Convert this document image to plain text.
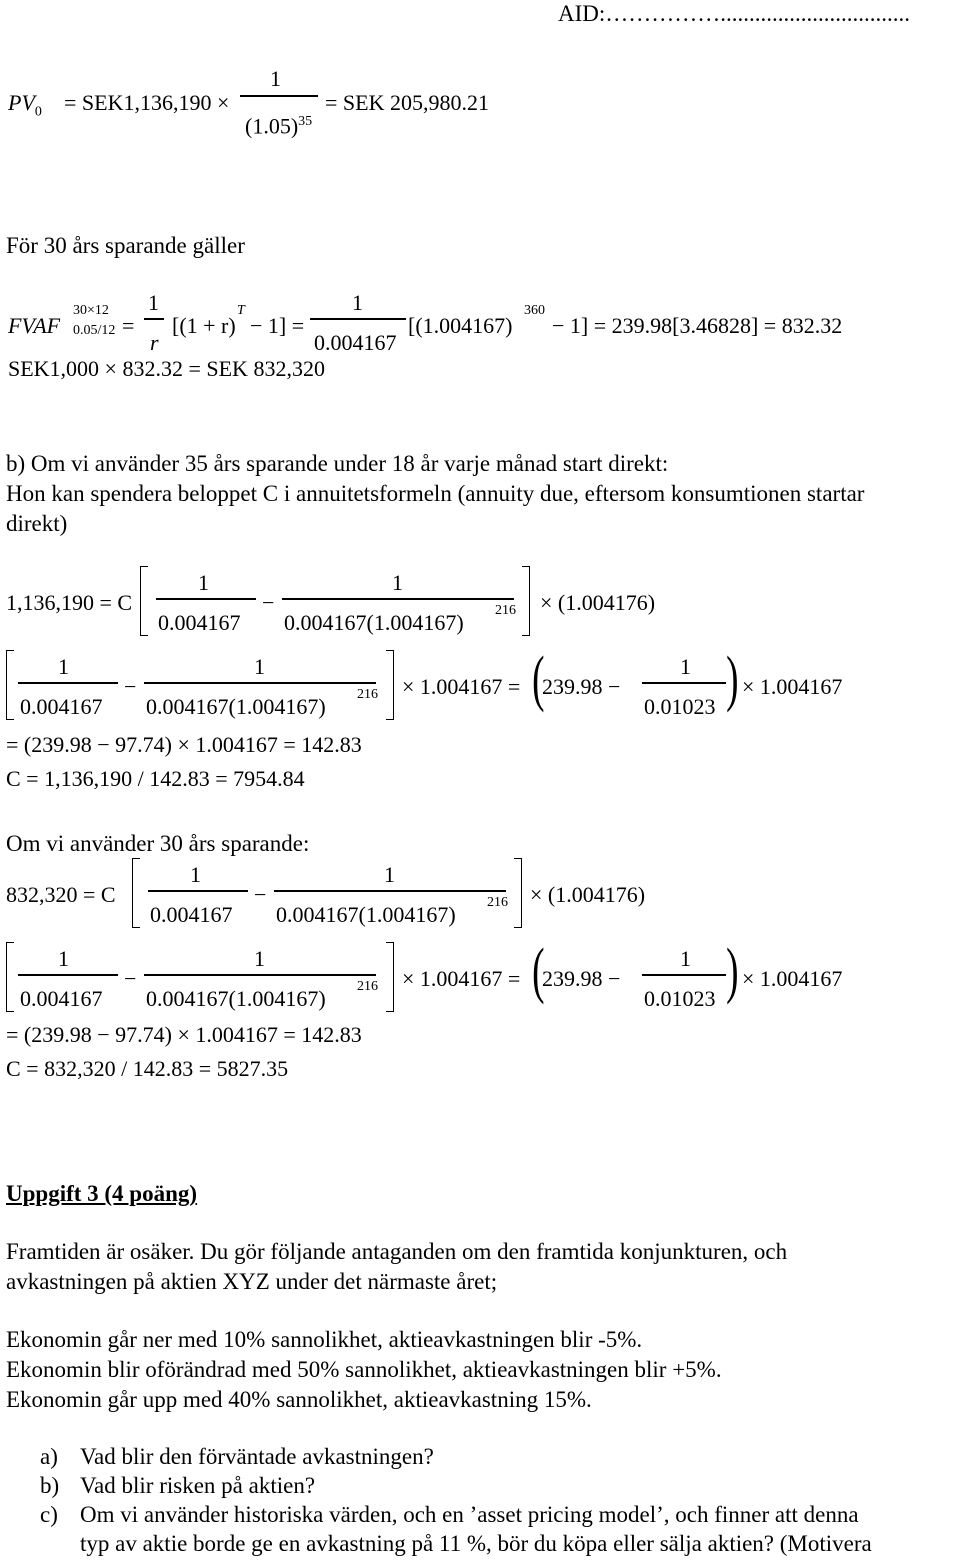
AID:…………….................................
$PV_0 = SEK1,136,190$ ×
1
$(1.05)^{35}$
= SEK 205,980.21
För 30 års sparande gäller
FVAF
30×12
0.05/12 =
1
r
[(1 + r)
T
− 1] =
1
0.004167
[(1.004167)
360
− 1] = 239.98[3.46828] = 832.32
SEK1,000 × 832.32 = SEK 832,320
b) Om vi använder 35 års sparande under 18 år varje månad start direkt:
Hon kan spendera beloppet C i annuitetsformeln (annuity due, eftersom konsumtionen startar
direkt)
1,136,190 = C
1
0.004167
−
1
0.004167(1.004167) 216 × (1.004176)
1
0.004167
−
1
0.004167(1.004167) 216 × 1.004167 = (
239.98 −
1
0.01023 ) × 1.004167
= (239.98 − 97.74) × 1.004167 = 142.83
C = 1,136,190 / 142.83 = 7954.84
Om vi använder 30 års sparande:
832,320 = C
1
0.004167
−
1
0.004167(1.004167) 216 × (1.004176)
1
0.004167
−
1
0.004167(1.004167) 216 × 1.004167 = (
239.98 −
1
0.01023 ) × 1.004167
= (239.98 − 97.74) × 1.004167 = 142.83
C = 832,320 / 142.83 = 5827.35
Uppgift 3 (4 poäng)
Framtiden är osäker. Du gör följande antaganden om den framtida konjunkturen, och
avkastningen på aktien XYZ under det närmaste året;
Ekonomin går ner med 10% sannolikhet, aktieavkastningen blir -5%.
Ekonomin blir oförändrad med 50% sannolikhet, aktieavkastningen blir +5%.
Ekonomin går upp med 40% sannolikhet, aktieavkastning 15%.
a) Vad blir den förväntade avkastningen?
b) Vad blir risken på aktien?
c) Om vi använder historiska värden, och en ’asset pricing model’, och finner att denna
typ av aktie borde ge en avkastning på 11 %, bör du köpa eller sälja aktien? (Motivera
